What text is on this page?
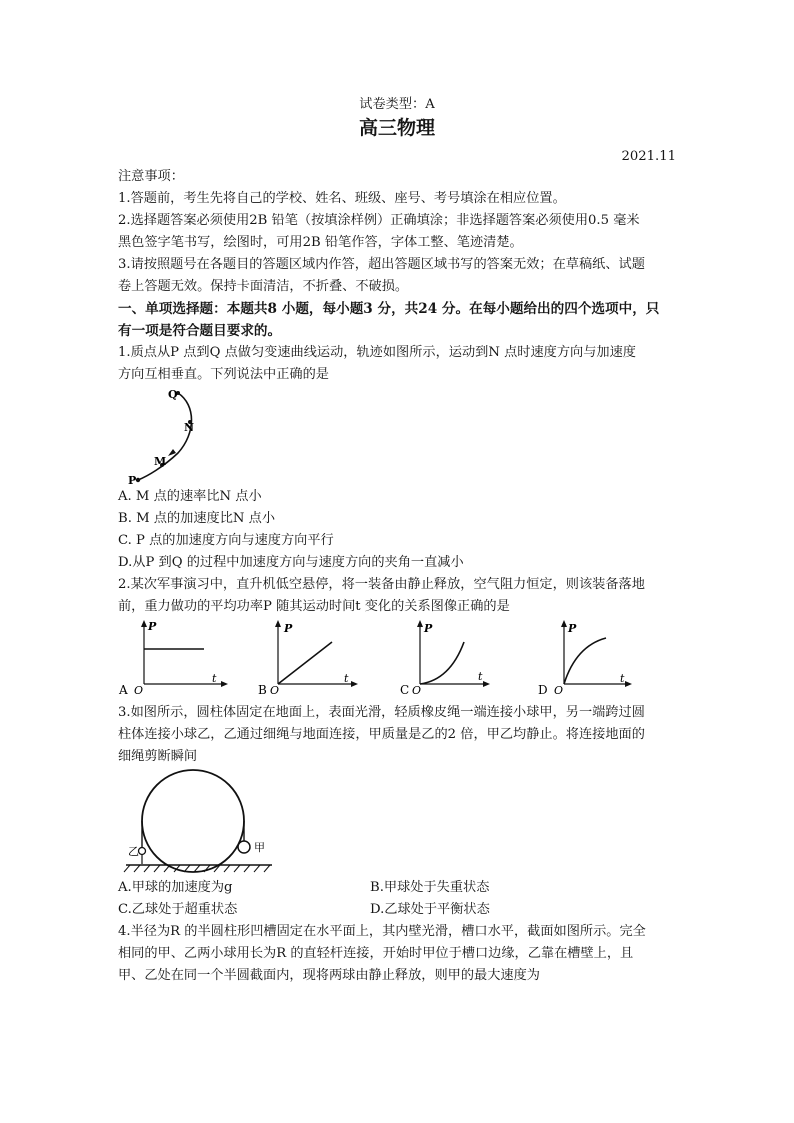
试卷类型：A
高三物理
2021.11
注意事项：
1.答题前，考生先将自己的学校、姓名、班级、座号、考号填涂在相应位置。
2.选择题答案必须使用2B 铅笔（按填涂样例）正确填涂；非选择题答案必须使用0.5 毫米
黑色签字笔书写，绘图时，可用2B 铅笔作答，字体工整、笔迹清楚。
3.请按照题号在各题目的答题区域内作答，超出答题区域书写的答案无效；在草稿纸、试题
卷上答题无效。保持卡面清洁，不折叠、不破损。
一、单项选择题：本题共8 小题，每小题3 分，共24 分。在每小题给出的四个选项中，只
有一项是符合题目要求的。
1.质点从P 点到Q 点做匀变速曲线运动，轨迹如图所示，运动到N 点时速度方向与加速度
方向互相垂直。下列说法中正确的是
Q
N
M
P
A. M 点的速率比N 点小
B. M 点的加速度比N 点小
C. P 点的加速度方向与速度方向平行
D.从P 到Q 的过程中加速度方向与速度方向的夹角一直减小
2.某次军事演习中，直升机低空悬停，将一装备由静止释放，空气阻力恒定，则该装备落地
前，重力做功的平均功率P 随其运动时间t 变化的关系图像正确的是
P
t
O
A
P
t
O
B
P
t
O
C
P
t
O
D
3.如图所示，圆柱体固定在地面上，表面光滑，轻质橡皮绳一端连接小球甲，另一端跨过圆
柱体连接小球乙，乙通过细绳与地面连接，甲质量是乙的2 倍，甲乙均静止。将连接地面的
细绳剪断瞬间
乙	甲
A.甲球的加速度为g	B.甲球处于失重状态
C.乙球处于超重状态	D.乙球处于平衡状态
4.半径为R 的半圆柱形凹槽固定在水平面上，其内壁光滑，槽口水平，截面如图所示。完全
相同的甲、乙两小球用长为R 的直轻杆连接，开始时甲位于槽口边缘，乙靠在槽壁上，且
甲、乙处在同一个半圆截面内，现将两球由静止释放，则甲的最大速度为
